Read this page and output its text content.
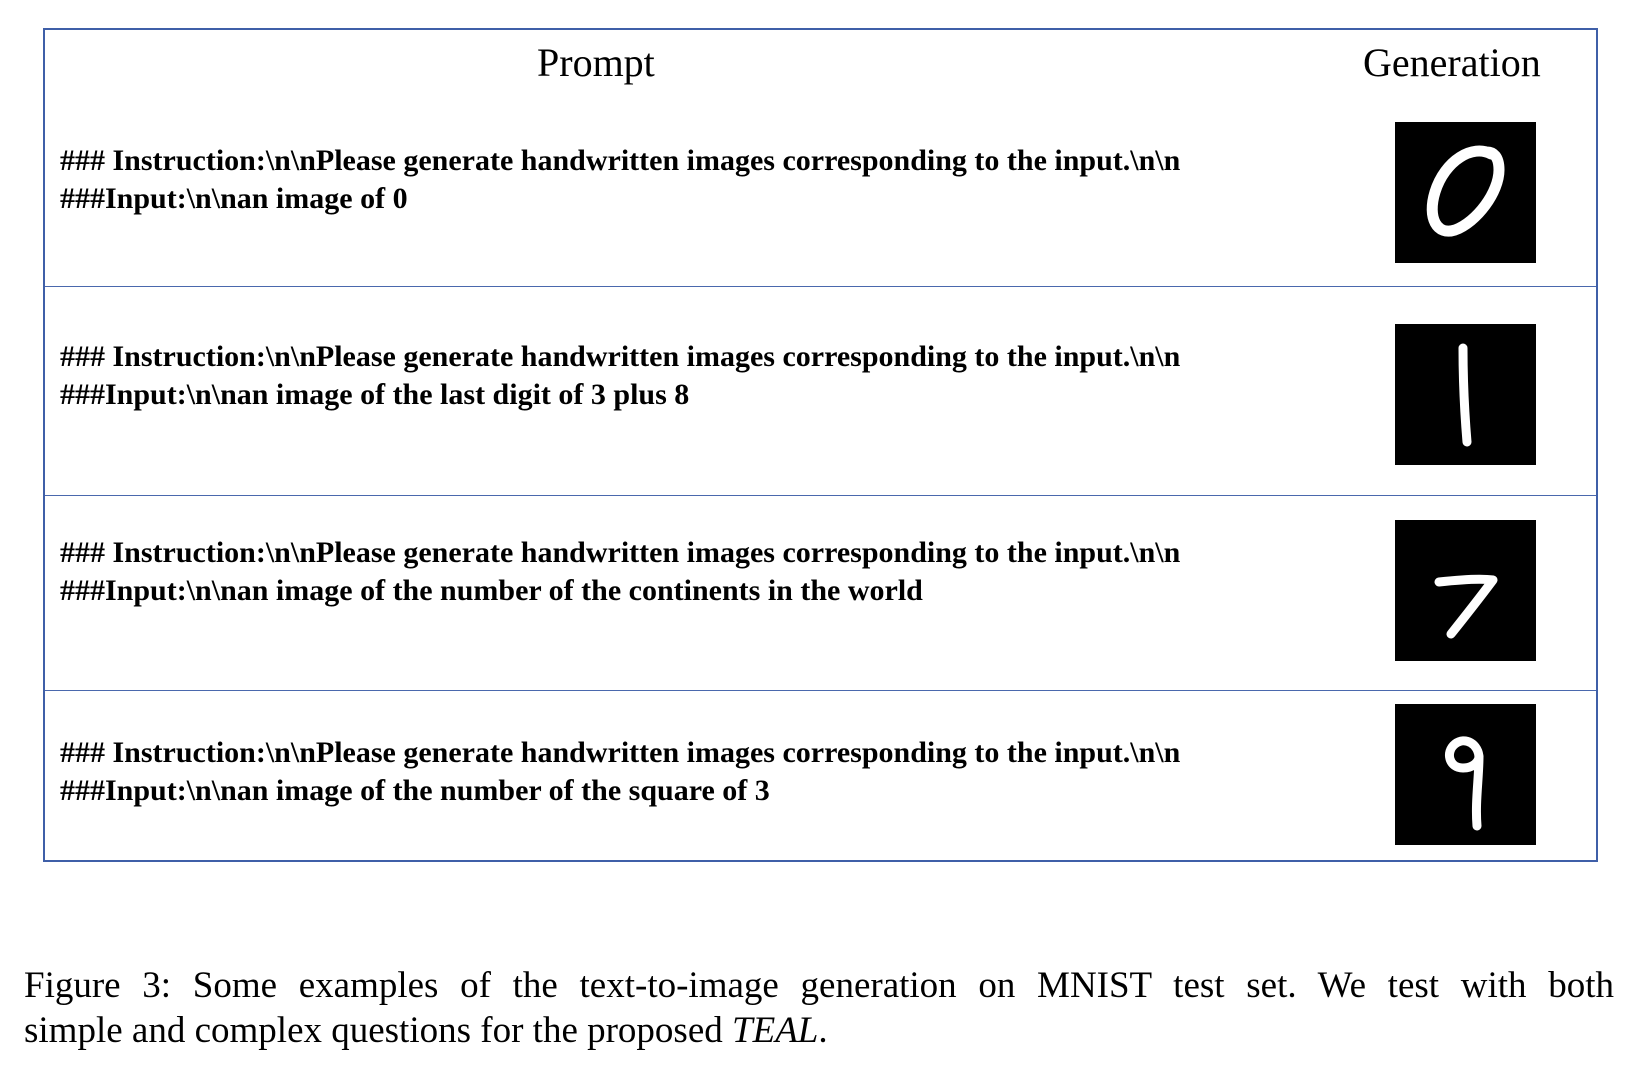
Prompt	Generation
### Instruction:\n\nPlease generate handwritten images corresponding to the input.\n\n
###Input:\n\nan image of 0
### Instruction:\n\nPlease generate handwritten images corresponding to the input.\n\n
###Input:\n\nan image of the last digit of 3 plus 8
### Instruction:\n\nPlease generate handwritten images corresponding to the input.\n\n
###Input:\n\nan image of the number of the continents in the world
### Instruction:\n\nPlease generate handwritten images corresponding to the input.\n\n
###Input:\n\nan image of the number of the square of 3
Figure 3: Some examples of the text-to-image generation on MNIST test set. We test with both
simple and complex questions for the proposed TEAL.
